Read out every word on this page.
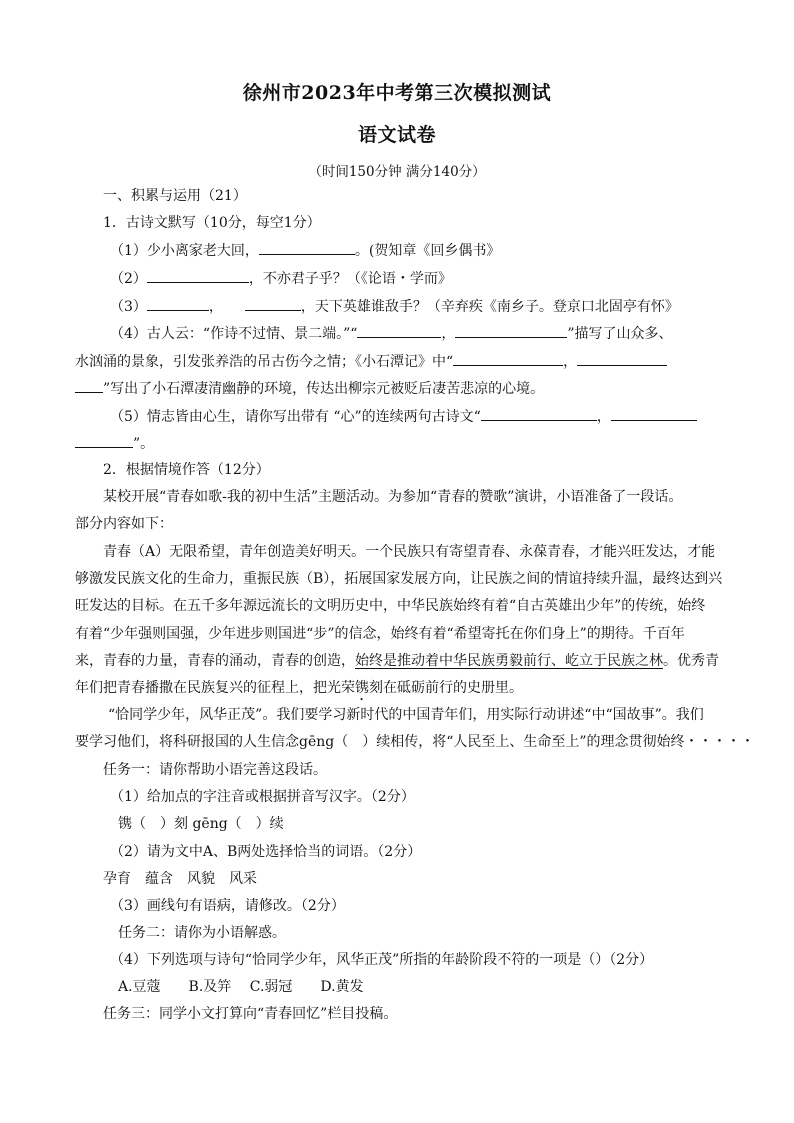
徐州市2023年中考第三次模拟测试
语文试卷
（时间150分钟 满分140分）
一、积累与运用（21）
1．古诗文默写（10分，每空1分）
（1）少小离家老大回，	。(贺知章《回乡偶书》
（2）	，不亦君子乎？（《论语・学而》
（3）	，	，天下英雄谁敌手？（辛弃疾《南乡子。登京口北固亭有怀》
（4）古人云：“作诗不过情、景二端。”“	，	”描写了山众多、
水汹涌的景象，引发张养浩的吊古伤今之情；《小石潭记》中“	，
”写出了小石潭凄清幽静的环境，传达出柳宗元被贬后凄苦悲凉的心境。
（5）情志皆由心生，请你写出带有 “心”的连续两句古诗文“	，
”。
2．根据情境作答（12分）
某校开展“青春如歌-我的初中生活”主题活动。为参加“青春的赞歌”演讲，小语准备了一段话。
部分内容如下：
青春（A）无限希望，青年创造美好明天。一个民族只有寄望青春、永葆青春，才能兴旺发达，才能
够激发民族文化的生命力，重振民族（B），拓展国家发展方向，让民族之间的情谊持续升温，最终达到兴
旺发达的目标。在五千多年源远流长的文明历史中，中华民族始终有着“自古英雄出少年”的传统，始终
有着“少年强则国强，少年进步则国进“步”的信念，始终有着“希望寄托在你们身上”的期待。千百年
来，青春的力量，青春的涌动，青春的创造，始终是推动着中华民族勇毅前行、屹立于民族之林。优秀青
年们把青春播撒在民族复兴的征程上，把光荣镌刻在砥砺前行的史册里。
“恰同学少年，风华正茂”。我们要学习新时代的中国青年们，用实际行动讲述“中“国故事”。我们
要学习他们，将科研报国的人生信念gēng（　）续相传，将“人民至上、生命至上”的理念贯彻始终・・・・・
任务一：请你帮助小语完善这段话。
（1）给加点的字注音或根据拼音写汉字。（2分）
镌（　）刻 gēng（　）续
（2）请为文中A、B两处选择恰当的词语。（2分）
孕育　蕴含　风貌　风采
（3）画线句有语病，请修改。（2分）
任务二：请你为小语解惑。
（4）下列选项与诗句“恰同学少年，风华正茂”所指的年龄阶段不符的一项是（）（2分）
A.豆蔻　　B.及笄　 C.弱冠　　D.黄发
任务三：同学小文打算向“青春回忆”栏目投稿。
